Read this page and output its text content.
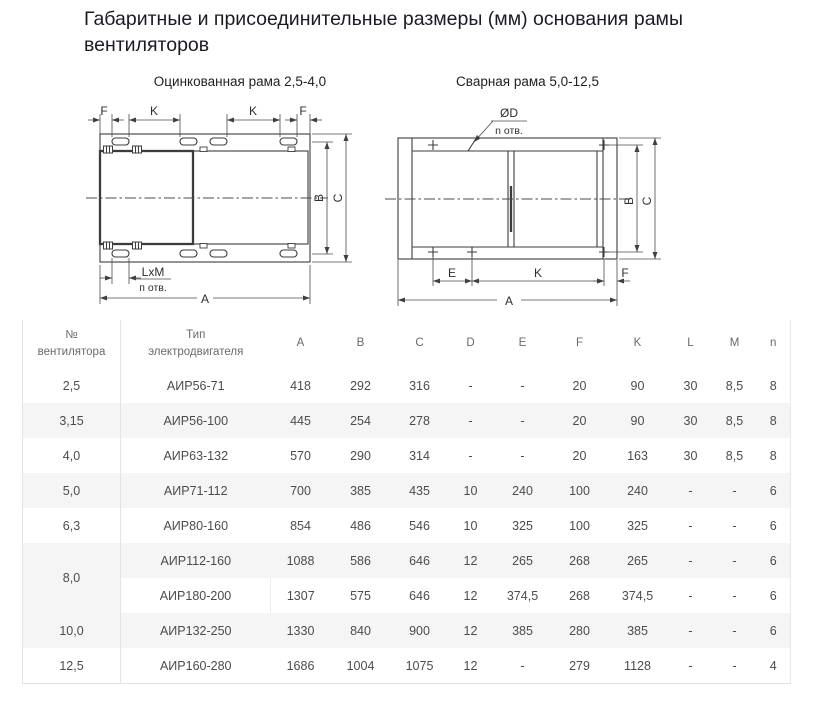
Габаритные и присоединительные размеры (мм) основания рамы вентиляторов
Оцинкованная рама 2,5-4,0	Сварная рама 5,0-12,5
F	K	K	F
B C
LxM
п отв.
A
ØD
n отв.
B C
E	K	F
A
№
вентилятора

Тип
электродвигателя
	A	B	C	D	E	F	K	L	M	n
2,5	АИР56-71	418	292	316	-	-	20	90	30	8,5	8
3,15	АИР56-100	445	254	278	-	-	20	90	30	8,5	8
4,0	АИР63-132	570	290	314	-	-	20	163	30	8,5	8
5,0	АИР71-112	700	385	435	10	240	100	240	-	-	6
6,3	АИР80-160	854	486	546	10	325	100	325	-	-	6
8,0	АИР112-160	1088	586	646	12	265	268	265	-	-	6
	АИР180-200	1307	575	646	12	374,5	268	374,5	-	-	6
10,0	АИР132-250	1330	840	900	12	385	280	385	-	-	6
12,5	АИР160-280	1686	1004	1075	12	-	279	1128	-	-	4
